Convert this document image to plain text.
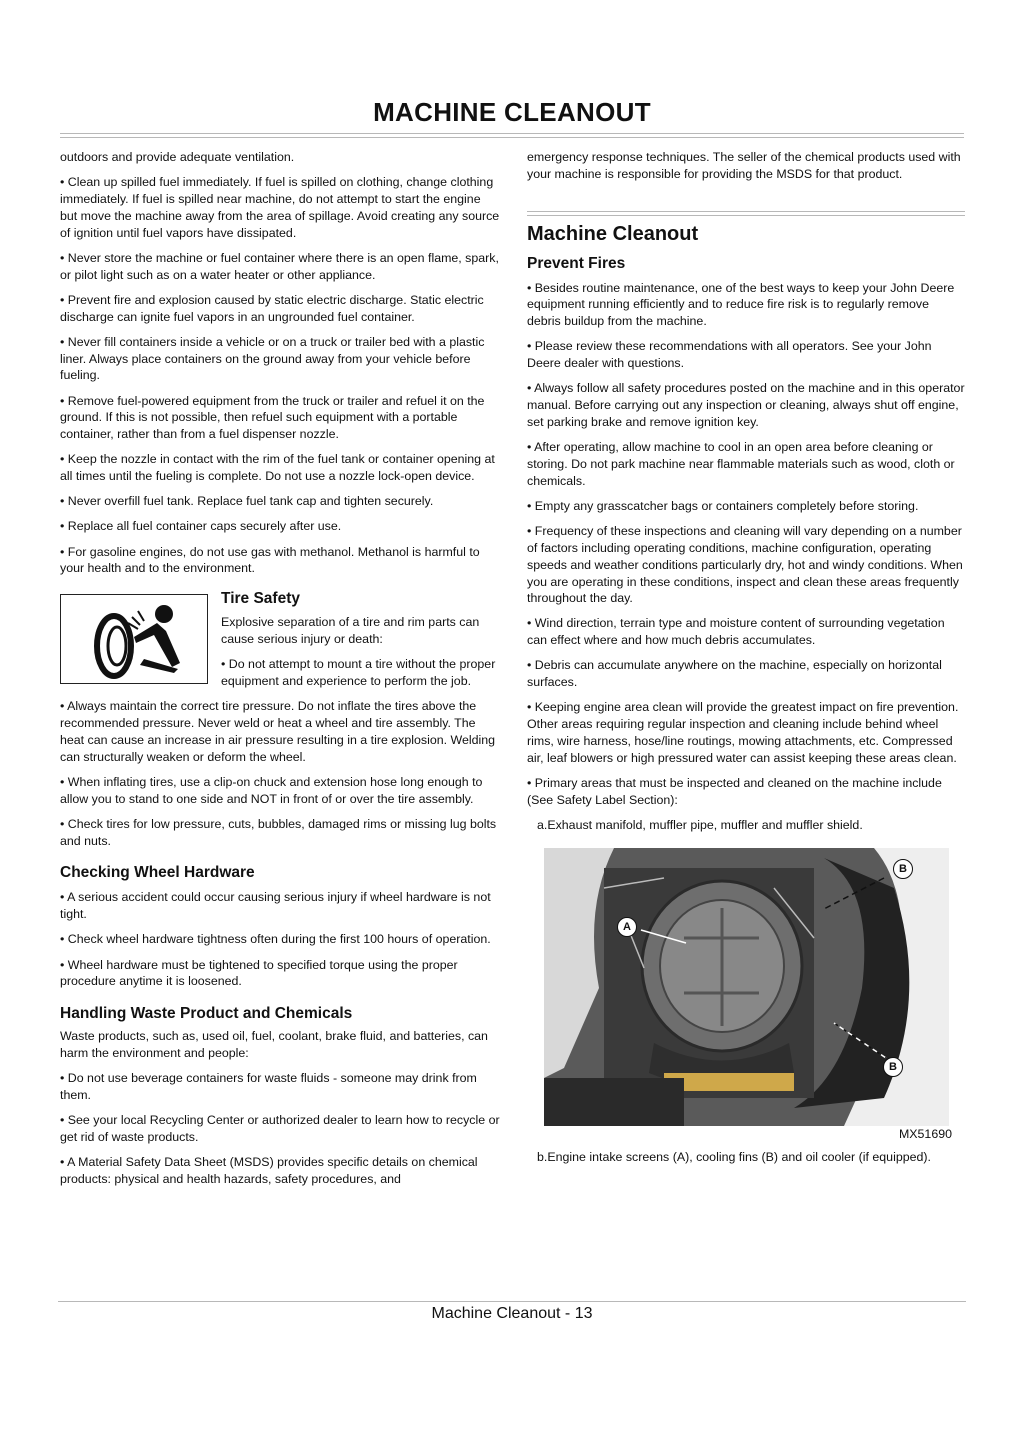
MACHINE CLEANOUT

outdoors and provide adequate ventilation.

• Clean up spilled fuel immediately. If fuel is spilled on clothing, change clothing immediately. If fuel is spilled near machine, do not attempt to start the engine but move the machine away from the area of spillage. Avoid creating any source of ignition until fuel vapors have dissipated.

• Never store the machine or fuel container where there is an open flame, spark, or pilot light such as on a water heater or other appliance.

• Prevent fire and explosion caused by static electric discharge. Static electric discharge can ignite fuel vapors in an ungrounded fuel container.

• Never fill containers inside a vehicle or on a truck or trailer bed with a plastic liner. Always place containers on the ground away from your vehicle before fueling.

• Remove fuel-powered equipment from the truck or trailer and refuel it on the ground. If this is not possible, then refuel such equipment with a portable container, rather than from a fuel dispenser nozzle.

• Keep the nozzle in contact with the rim of the fuel tank or container opening at all times until the fueling is complete. Do not use a nozzle lock-open device.

• Never overfill fuel tank. Replace fuel tank cap and tighten securely.

• Replace all fuel container caps securely after use.

• For gasoline engines, do not use gas with methanol. Methanol is harmful to your health and to the environment.

Tire Safety

Explosive separation of a tire and rim parts can cause serious injury or death:

• Do not attempt to mount a tire without the proper equipment and experience to perform the job.

• Always maintain the correct tire pressure. Do not inflate the tires above the recommended pressure. Never weld or heat a wheel and tire assembly. The heat can cause an increase in air pressure resulting in a tire explosion. Welding can structurally weaken or deform the wheel.

• When inflating tires, use a clip-on chuck and extension hose long enough to allow you to stand to one side and NOT in front of or over the tire assembly.

• Check tires for low pressure, cuts, bubbles, damaged rims or missing lug bolts and nuts.

Checking Wheel Hardware

• A serious accident could occur causing serious injury if wheel hardware is not tight.

• Check wheel hardware tightness often during the first 100 hours of operation.

• Wheel hardware must be tightened to specified torque using the proper procedure anytime it is loosened.

Handling Waste Product and Chemicals

Waste products, such as, used oil, fuel, coolant, brake fluid, and batteries, can harm the environment and people:

• Do not use beverage containers for waste fluids - someone may drink from them.

• See your local Recycling Center or authorized dealer to learn how to recycle or get rid of waste products.

• A Material Safety Data Sheet (MSDS) provides specific details on chemical products: physical and health hazards, safety procedures, and

emergency response techniques. The seller of the chemical products used with your machine is responsible for providing the MSDS for that product.

Machine Cleanout
Prevent Fires

• Besides routine maintenance, one of the best ways to keep your John Deere equipment running efficiently and to reduce fire risk is to regularly remove debris buildup from the machine.

• Please review these recommendations with all operators. See your John Deere dealer with questions.

• Always follow all safety procedures posted on the machine and in this operator manual. Before carrying out any inspection or cleaning, always shut off engine, set parking brake and remove ignition key.

• After operating, allow machine to cool in an open area before cleaning or storing. Do not park machine near flammable materials such as wood, cloth or chemicals.

• Empty any grasscatcher bags or containers completely before storing.

• Frequency of these inspections and cleaning will vary depending on a number of factors including operating conditions, machine configuration, operating speeds and weather conditions particularly dry, hot and windy conditions. When you are operating in these conditions, inspect and clean these areas frequently throughout the day.

• Wind direction, terrain type and moisture content of surrounding vegetation can effect where and how much debris accumulates.

• Debris can accumulate anywhere on the machine, especially on horizontal surfaces.

• Keeping engine area clean will provide the greatest impact on fire prevention. Other areas requiring regular inspection and cleaning include behind wheel rims, wire harness, hose/line routings, mowing attachments, etc. Compressed air, leaf blowers or high pressured water can assist keeping these areas clean.

• Primary areas that must be inspected and cleaned on the machine include (See Safety Label Section):

a.Exhaust manifold, muffler pipe, muffler and muffler shield.

A
B
B
MX51690

b.Engine intake screens (A), cooling fins (B) and oil cooler (if equipped).

Machine Cleanout - 13
